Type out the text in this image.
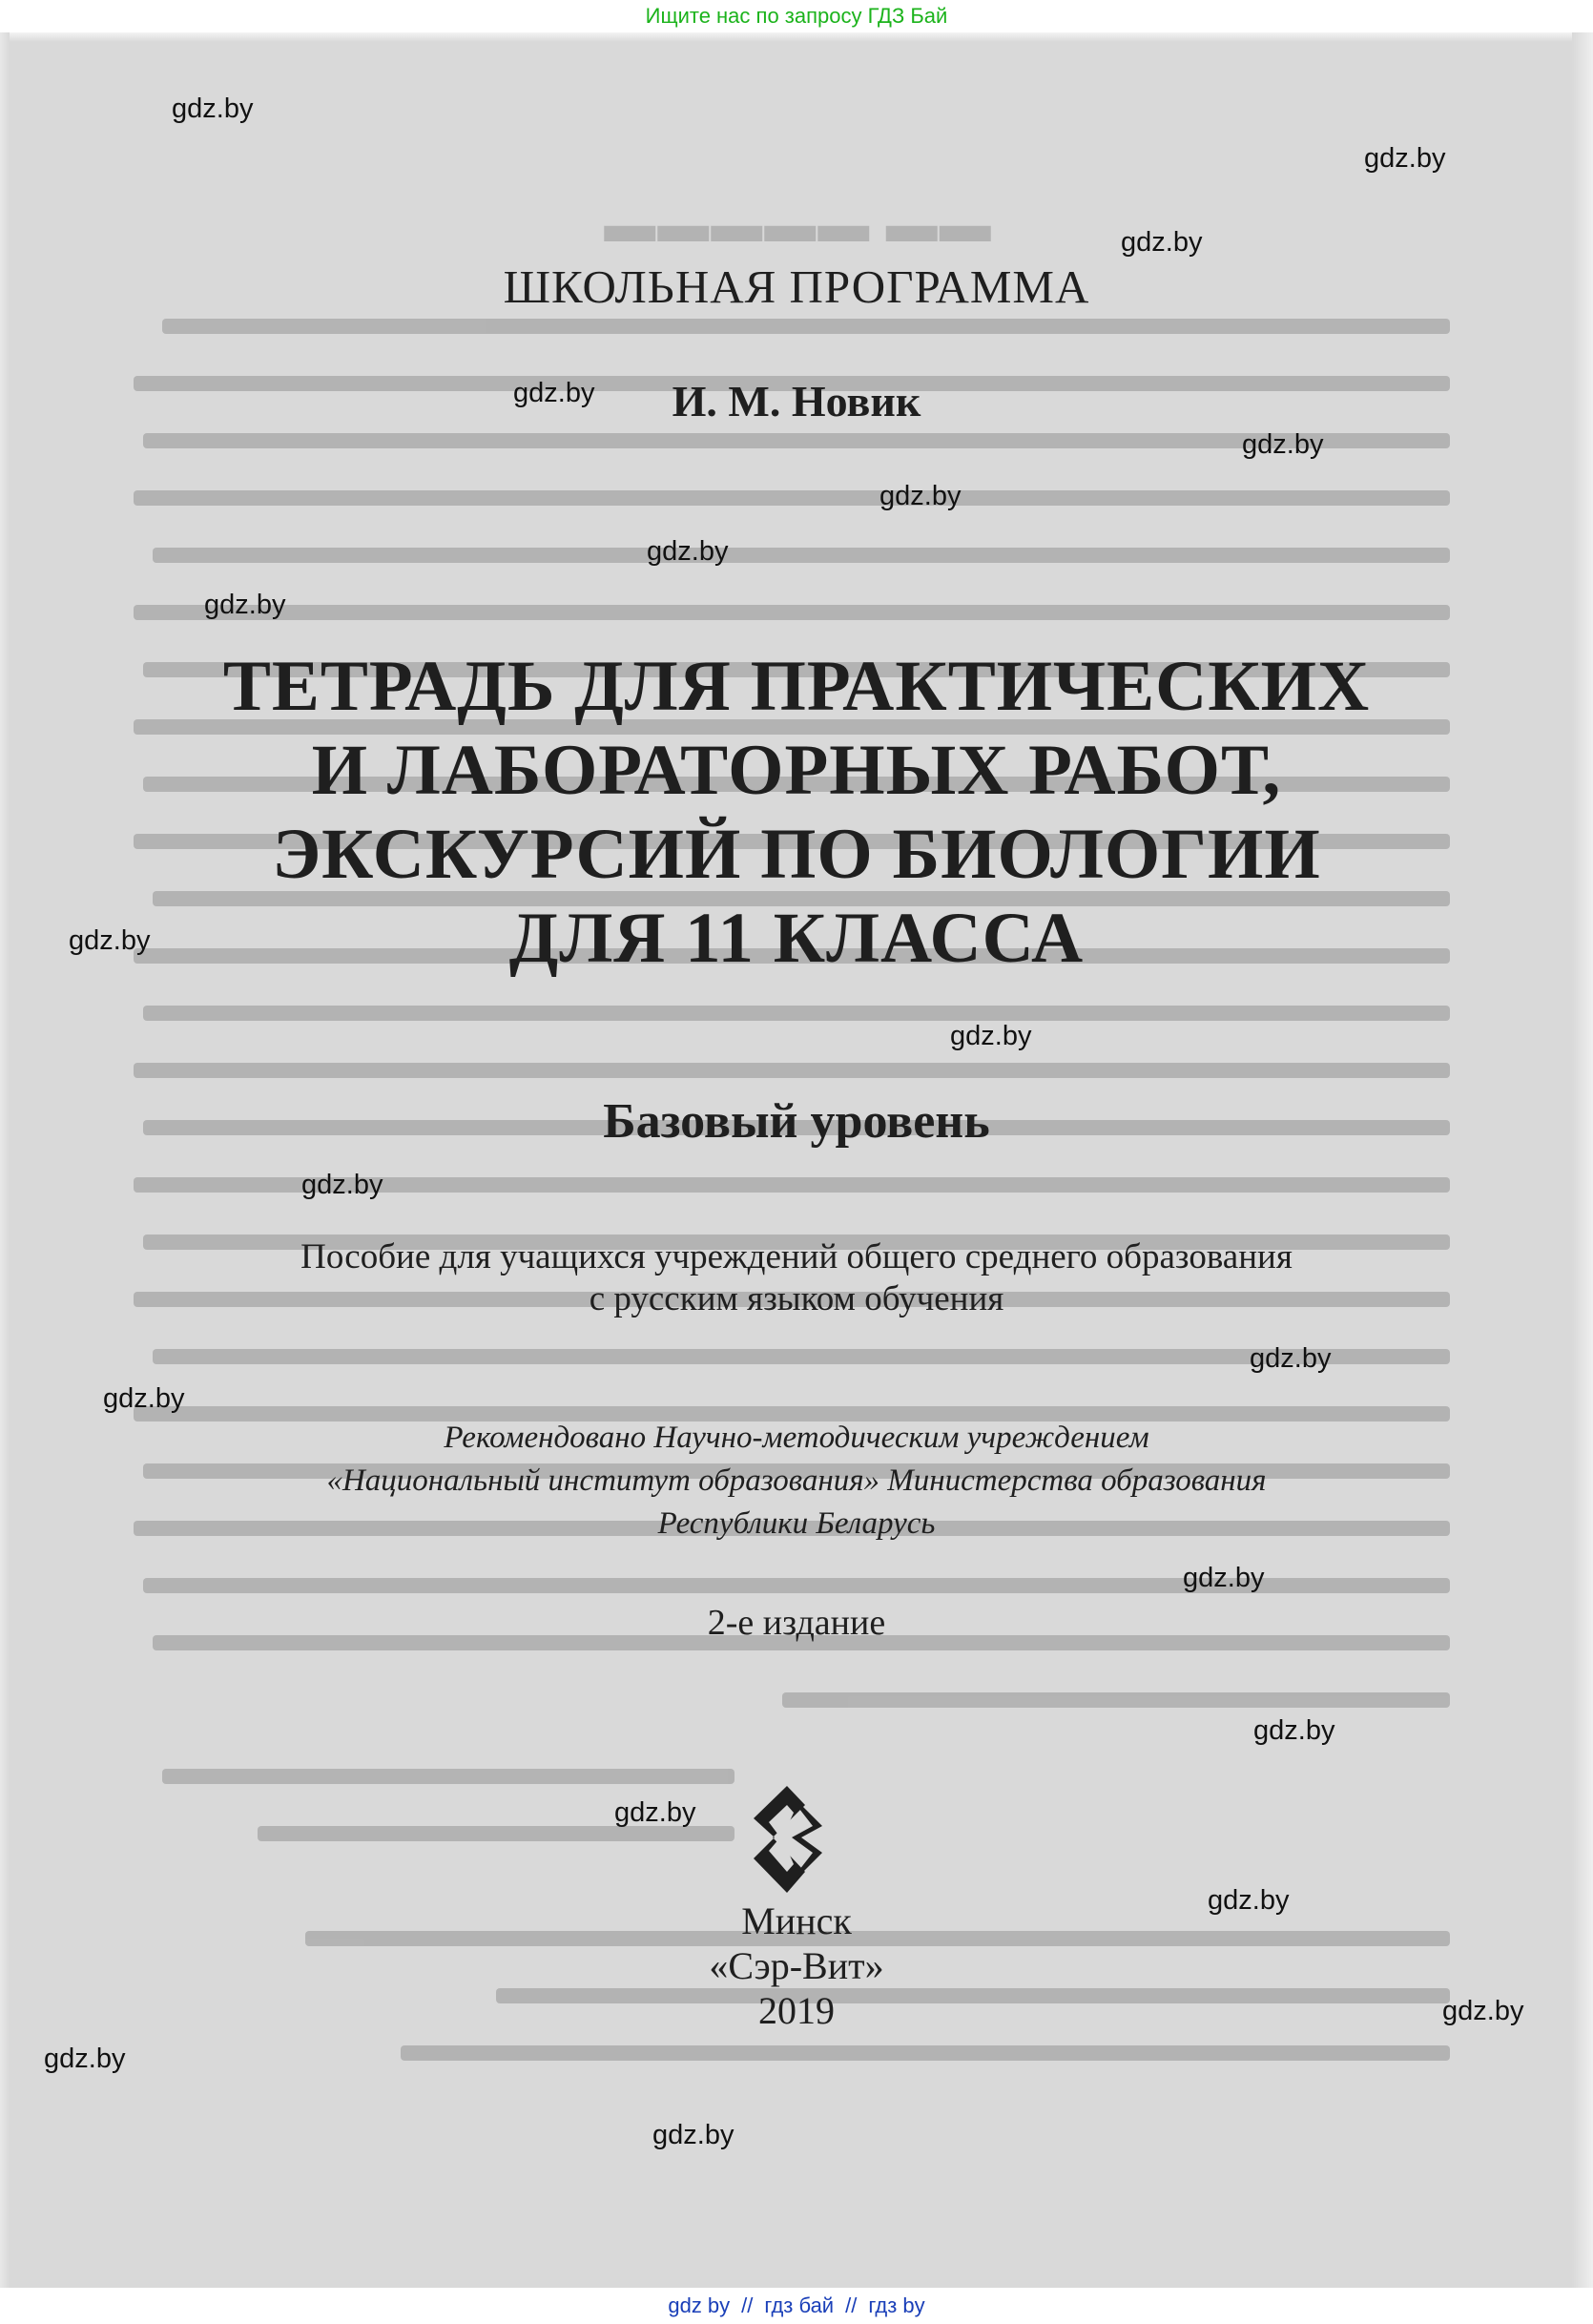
Ищите нас по запросу ГДЗ Бай
▬▬ ▬▬▬▬▬
ШКОЛЬНАЯ ПРОГРАММА
И. М. Новик
ТЕТРАДЬ ДЛЯ ПРАКТИЧЕСКИХ
И ЛАБОРАТОРНЫХ РАБОТ,
ЭКСКУРСИЙ ПО БИОЛОГИИ
ДЛЯ 11 КЛАССА
Базовый уровень
Пособие для учащихся учреждений общего среднего образования
с русским языком обучения
Рекомендовано Научно-методическим учреждением
«Национальный институт образования» Министерства образования
Республики Беларусь
2-е издание
Минск
«Сэр-Вит»
2019
gdz.by
gdz.by
gdz.by
gdz.by
gdz.by
gdz.by
gdz.by
gdz.by
gdz.by
gdz.by
gdz.by
gdz.by
gdz.by
gdz.by
gdz.by
gdz.by
gdz.by
gdz.by
gdz.by
gdz.by
gdz by // гдз бай // гдз by
